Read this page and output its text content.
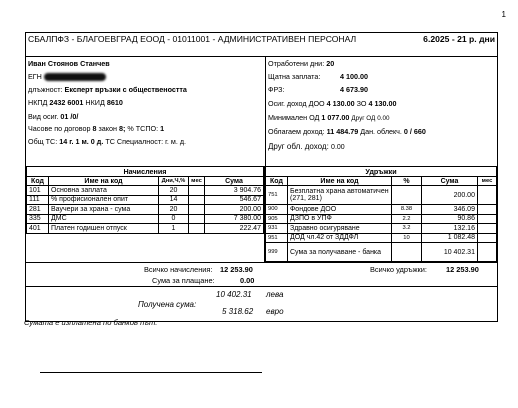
1
СБАЛПФЗ - БЛАГОЕВГРАД ЕООД - 01011001 - АДМИНИСТРАТИВЕН ПЕРСОНАЛ	6.2025 - 21 р. дни
Иван Стоянов Станчев
ЕГН
длъжност: Експерт връзки с обществеността
НКПД 2432 6001 НКИД 8610
Вид осиг. 01 /0/
Часове по договор 8 закон 8; % ТСПО: 1
Общ ТС: 14 г. 1 м. 0 д. ТС Специалност: г. м. д.
Отработени дни: 20
Щатна заплата:	4 100.00
ФРЗ:	4 673.90
Осиг. доход ДОО 4 130.00 ЗО 4 130.00
Минимален ОД 1 077.00 Друг ОД 0.00
Облагаем доход: 11 484.79 Дан. облекч. 0 / 660
Друг обл. доход: 0.00
Начисления				
Код	Име на код	Дни,Ч,%	мес	Сума
101	Основна заплата	20		3 904.76
111	% профисионален опит	14		546.67
281	Ваучери за храна - сума	20		200.00
335	ДМС	0		7 380.00
401	Платен годишен отпуск	1		222.47
Удръжки				
Код	Име на код	%	Сума	мес
751	Безплатна храна автоматичен (271, 281)		200.00	
900	Фондове ДОО	8.38	346.09	
905	ДЗПО в УПФ	2.2	90.86	
931	Здравно осигуряване	3.2	132.16	
951	ДОД чл.42 от ЗДДФЛ	10	1 082.48	
999	Сума за получаване - банка		10 402.31	
Всичко начисления: 12 253.90
Сума за плащане:	0.00
Всичко удръжки:	12 253.90
Получена сума:
10 402.31 лева
5 318.62 евро
Сумата е изплатена по банков път.
